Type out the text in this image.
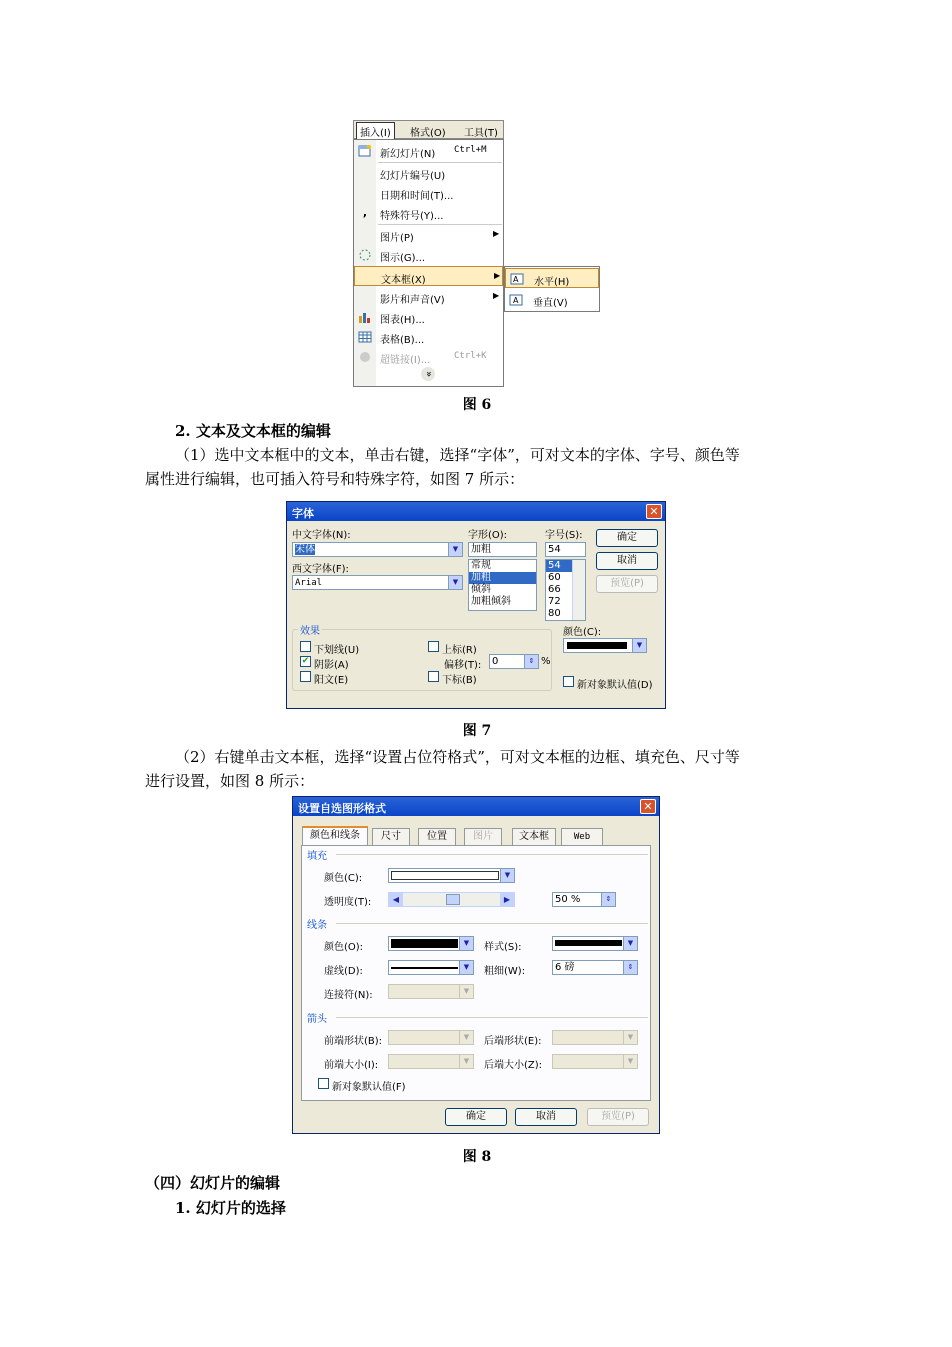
插入(I)	格式(O) 工具(T)
新幻灯片(N) Ctrl+M
幻灯片编号(U)
日期和时间(T)...
,	特殊符号(Y)...
图片(P)	▶
图示(G)...
文本框(X)	▶
影片和声音(V)	▶
图表(H)...
表格(B)...
超链接(I)...	Ctrl+K
»
A 水平(H)
A 垂直(V)
图 6
2. 文本及文本框的编辑
（1）选中文本框中的文本，单击右键，选择“字体”，可对文本的字体、字号、颜色等
属性进行编辑，也可插入符号和特殊字符，如图 7 所示：
字体	✕
中文字体(N):
宋体	▼
西文字体(F):
Arial	▼
字形(O):
加粗
常规
加粗
倾斜
加粗倾斜
字号(S):
54
54
60
66
72
80
确定
取消
预览(P)
效果
下划线(U)
✔ 阴影(A)
阳文(E)
上标(R)
偏移(T):	0	⇕ %
下标(B)
颜色(C):
▼
新对象默认值(D)
图 7
（2）右键单击文本框，选择“设置占位符格式”，可对文本框的边框、填充色、尺寸等
进行设置，如图 8 所示：
设置自选图形格式	✕
颜色和线条	尺寸	位置	图片	文本框	Web
填充
颜色(C):	▼
透明度(T):	◀	▶	50 %	⇕
线条
颜色(O):	▼	样式(S):	▼
虚线(D):	▼	粗细(W):	6 磅	⇕
连接符(N):	▼
箭头
前端形状(B):	▼	后端形状(E):	▼
前端大小(I):	▼	后端大小(Z):	▼
新对象默认值(F)
确定	取消	预览(P)
图 8
（四）幻灯片的编辑
1. 幻灯片的选择
